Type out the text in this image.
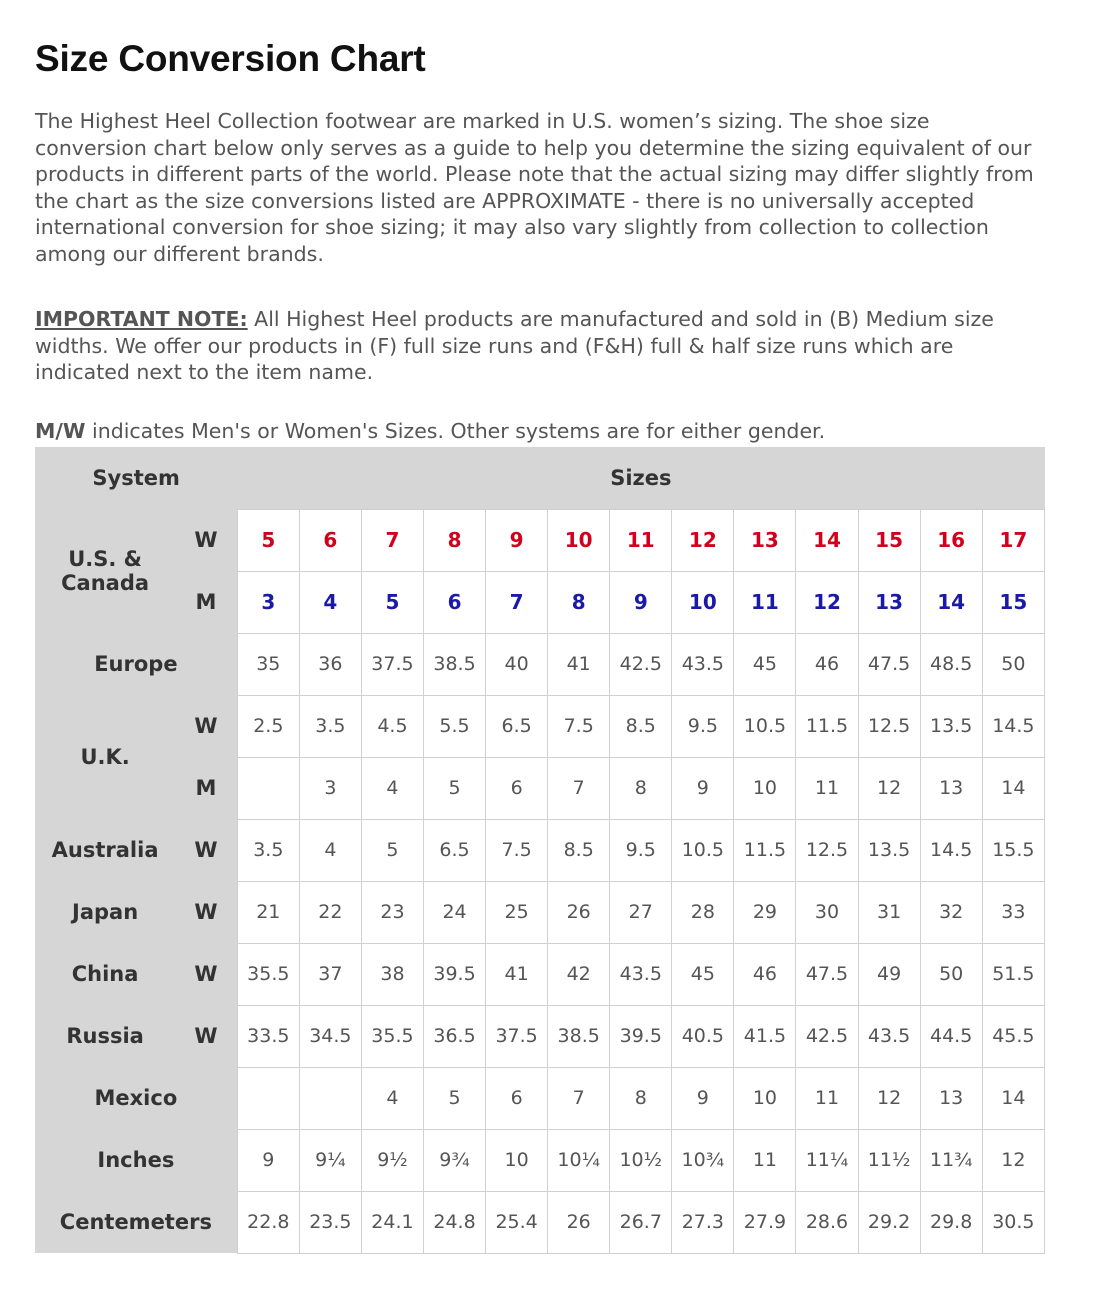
Size Conversion Chart

The Highest Heel Collection footwear are marked in U.S. women’s sizing. The shoe size conversion chart below only serves as a guide to help you determine the sizing equivalent of our products in different parts of the world. Please note that the actual sizing may differ slightly from the chart as the size conversions listed are APPROXIMATE - there is no universally accepted international conversion for shoe sizing; it may also vary slightly from collection to collection among our different brands.

IMPORTANT NOTE: All Highest Heel products are manufactured and sold in (B) Medium size widths. We offer our products in (F) full size runs and (F&H) full & half size runs which are indicated next to the item name.

M/W indicates Men's or Women's Sizes. Other systems are for either gender.

System		Sizes												
U.S. & Canada	W	5	6	7	8	9	10	11	12	13	14	15	16	17
	M	3	4	5	6	7	8	9	10	11	12	13	14	15
Europe		35	36	37.5	38.5	40	41	42.5	43.5	45	46	47.5	48.5	50
U.K.	W	2.5	3.5	4.5	5.5	6.5	7.5	8.5	9.5	10.5	11.5	12.5	13.5	14.5
	M		3	4	5	6	7	8	9	10	11	12	13	14
Australia	W	3.5	4	5	6.5	7.5	8.5	9.5	10.5	11.5	12.5	13.5	14.5	15.5
Japan	W	21	22	23	24	25	26	27	28	29	30	31	32	33
China	W	35.5	37	38	39.5	41	42	43.5	45	46	47.5	49	50	51.5
Russia	W	33.5	34.5	35.5	36.5	37.5	38.5	39.5	40.5	41.5	42.5	43.5	44.5	45.5
Mexico				4	5	6	7	8	9	10	11	12	13	14
Inches		9	9¼	9½	9¾	10	10¼	10½	10¾	11	11¼	11½	11¾	12
Centemeters		22.8	23.5	24.1	24.8	25.4	26	26.7	27.3	27.9	28.6	29.2	29.8	30.5
